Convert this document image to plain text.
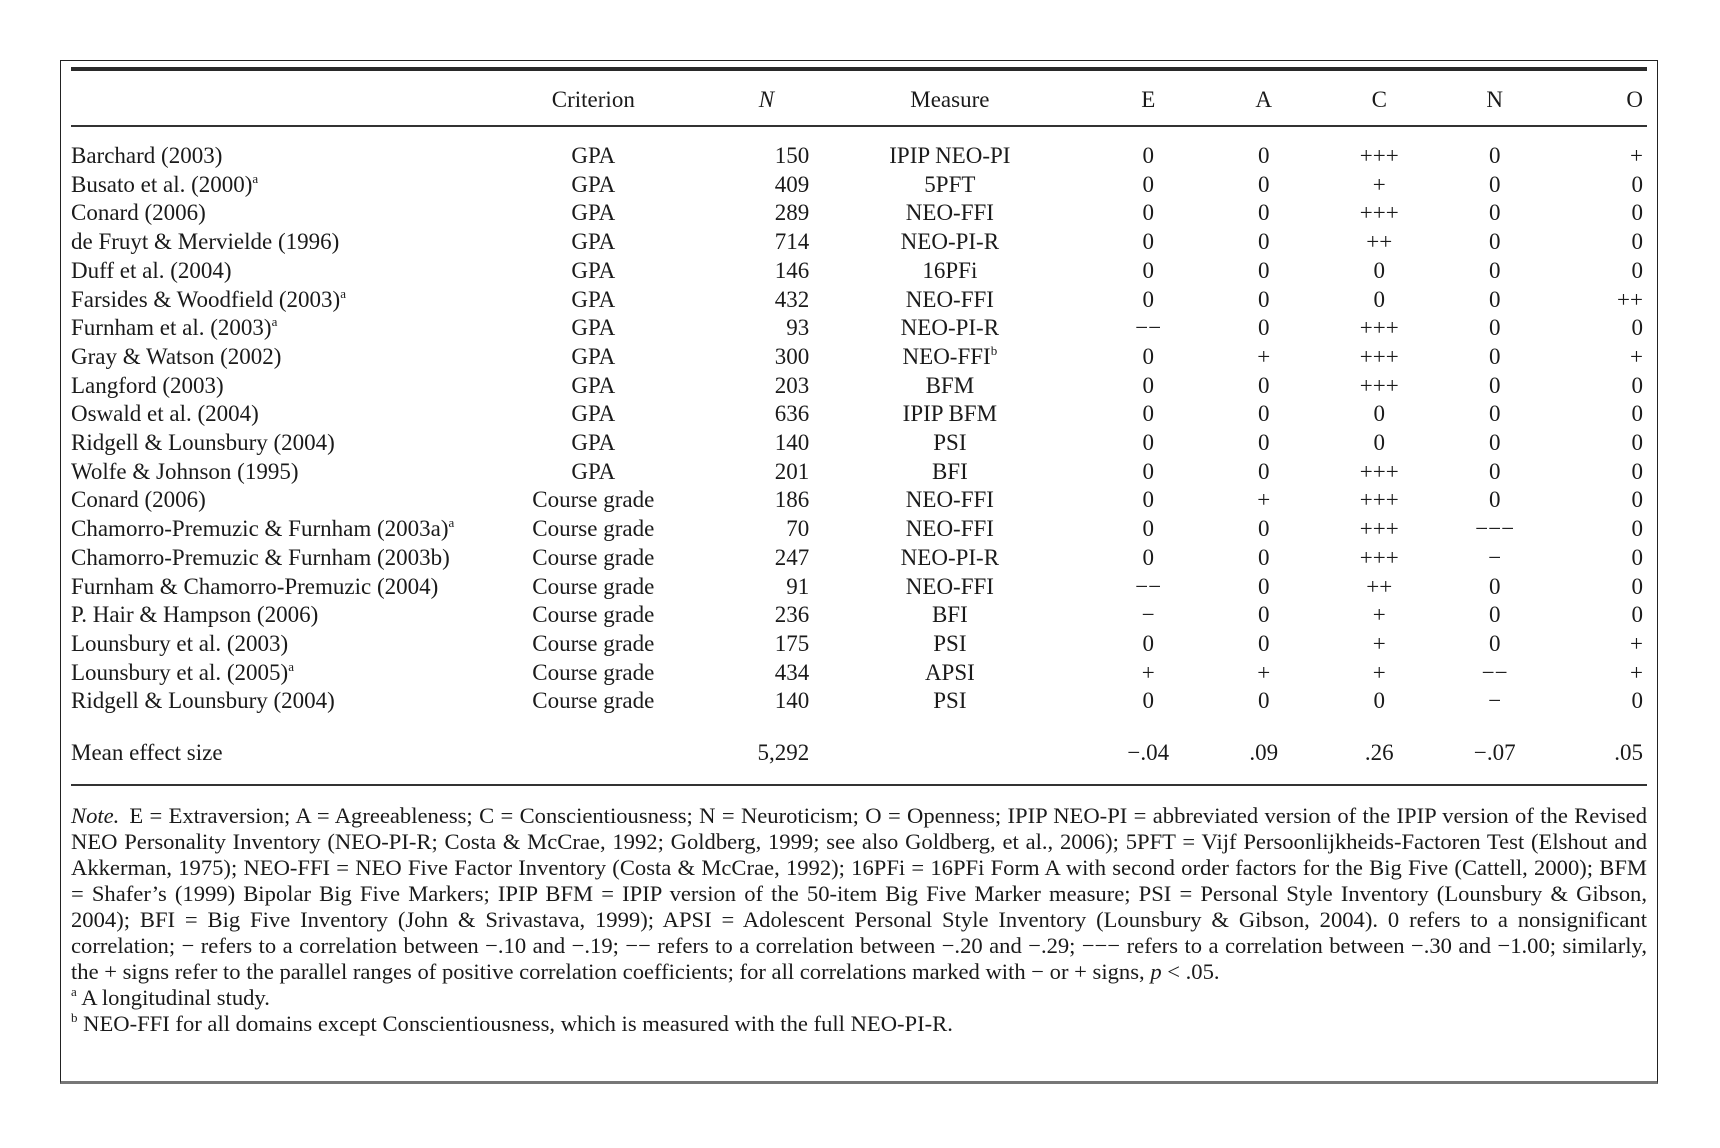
	Criterion	N	Measure	E	A	C	N	O

Barchard (2003)	GPA	150	IPIP NEO-PI	0	0	+++	0	+
Busato et al. $(2000)^a$	GPA	409	5PFT	0	0	+	0	0
Conard (2006)	GPA	289	NEO-FFI	0	0	+++	0	0
de Fruyt & Mervielde (1996)	GPA	714	NEO-PI-R	0	0	++	0	0
Duff et al. (2004)	GPA	146	16PFi	0	0	0	0	0
Farsides & Woodfield $(2003)^a$	GPA	432	NEO-FFI	0	0	0	0	++
Furnham et al. $(2003)^a$	GPA	93	NEO-PI-R	−−	0	+++	0	0
Gray & Watson (2002)	GPA	300	NEO-FFI$^b$	0	+	+++	0	+
Langford (2003)	GPA	203	BFM	0	0	+++	0	0
Oswald et al. (2004)	GPA	636	IPIP BFM	0	0	0	0	0
Ridgell & Lounsbury (2004)	GPA	140	PSI	0	0	0	0	0
Wolfe & Johnson (1995)	GPA	201	BFI	0	0	+++	0	0
Conard (2006)	Course grade	186	NEO-FFI	0	+	+++	0	0
Chamorro-Premuzic & Furnham $(2003a)^a$	Course grade	70	NEO-FFI	0	0	+++	−−−	0
Chamorro-Premuzic & Furnham (2003b)	Course grade	247	NEO-PI-R	0	0	+++	−	0
Furnham & Chamorro-Premuzic (2004)	Course grade	91	NEO-FFI	−−	0	++	0	0
P. Hair & Hampson (2006)	Course grade	236	BFI	−	0	+	0	0
Lounsbury et al. (2003)	Course grade	175	PSI	0	0	+	0	+
Lounsbury et al. $(2005)^a$	Course grade	434	APSI	+	+	+	−−	+
Ridgell & Lounsbury (2004)	Course grade	140	PSI	0	0	0	−	0

Mean effect size		5,292		−.04	.09	.26	−.07	.05

Note. E = Extraversion; A = Agreeableness; C = Conscientiousness; N = Neuroticism; O = Openness; IPIP NEO-PI = abbreviated version of the IPIP version of the Revised NEO Personality Inventory (NEO-PI-R; Costa & McCrae, 1992; Goldberg, 1999; see also Goldberg, et al., 2006); 5PFT = Vijf Persoonlijkheids-Factoren Test (Elshout and Akkerman, 1975); NEO-FFI = NEO Five Factor Inventory (Costa & McCrae, 1992); 16PFi = 16PFi Form A with second order factors for the Big Five (Cattell, 2000); BFM = Shafer’s (1999) Bipolar Big Five Markers; IPIP BFM = IPIP version of the 50-item Big Five Marker measure; PSI = Personal Style Inventory (Lounsbury & Gibson, 2004); BFI = Big Five Inventory (John & Srivastava, 1999); APSI = Adolescent Personal Style Inventory (Lounsbury & Gibson, 2004). 0 refers to a nonsignificant correlation; − refers to a correlation between −.10 and −.19; −− refers to a correlation between −.20 and −.29; −−− refers to a correlation between −.30 and −1.00; similarly, the + signs refer to the parallel ranges of positive correlation coefficients; for all correlations marked with − or + signs, p < .05.

$^a$ A longitudinal study.
$^b$ NEO-FFI for all domains except Conscientiousness, which is measured with the full NEO-PI-R.
